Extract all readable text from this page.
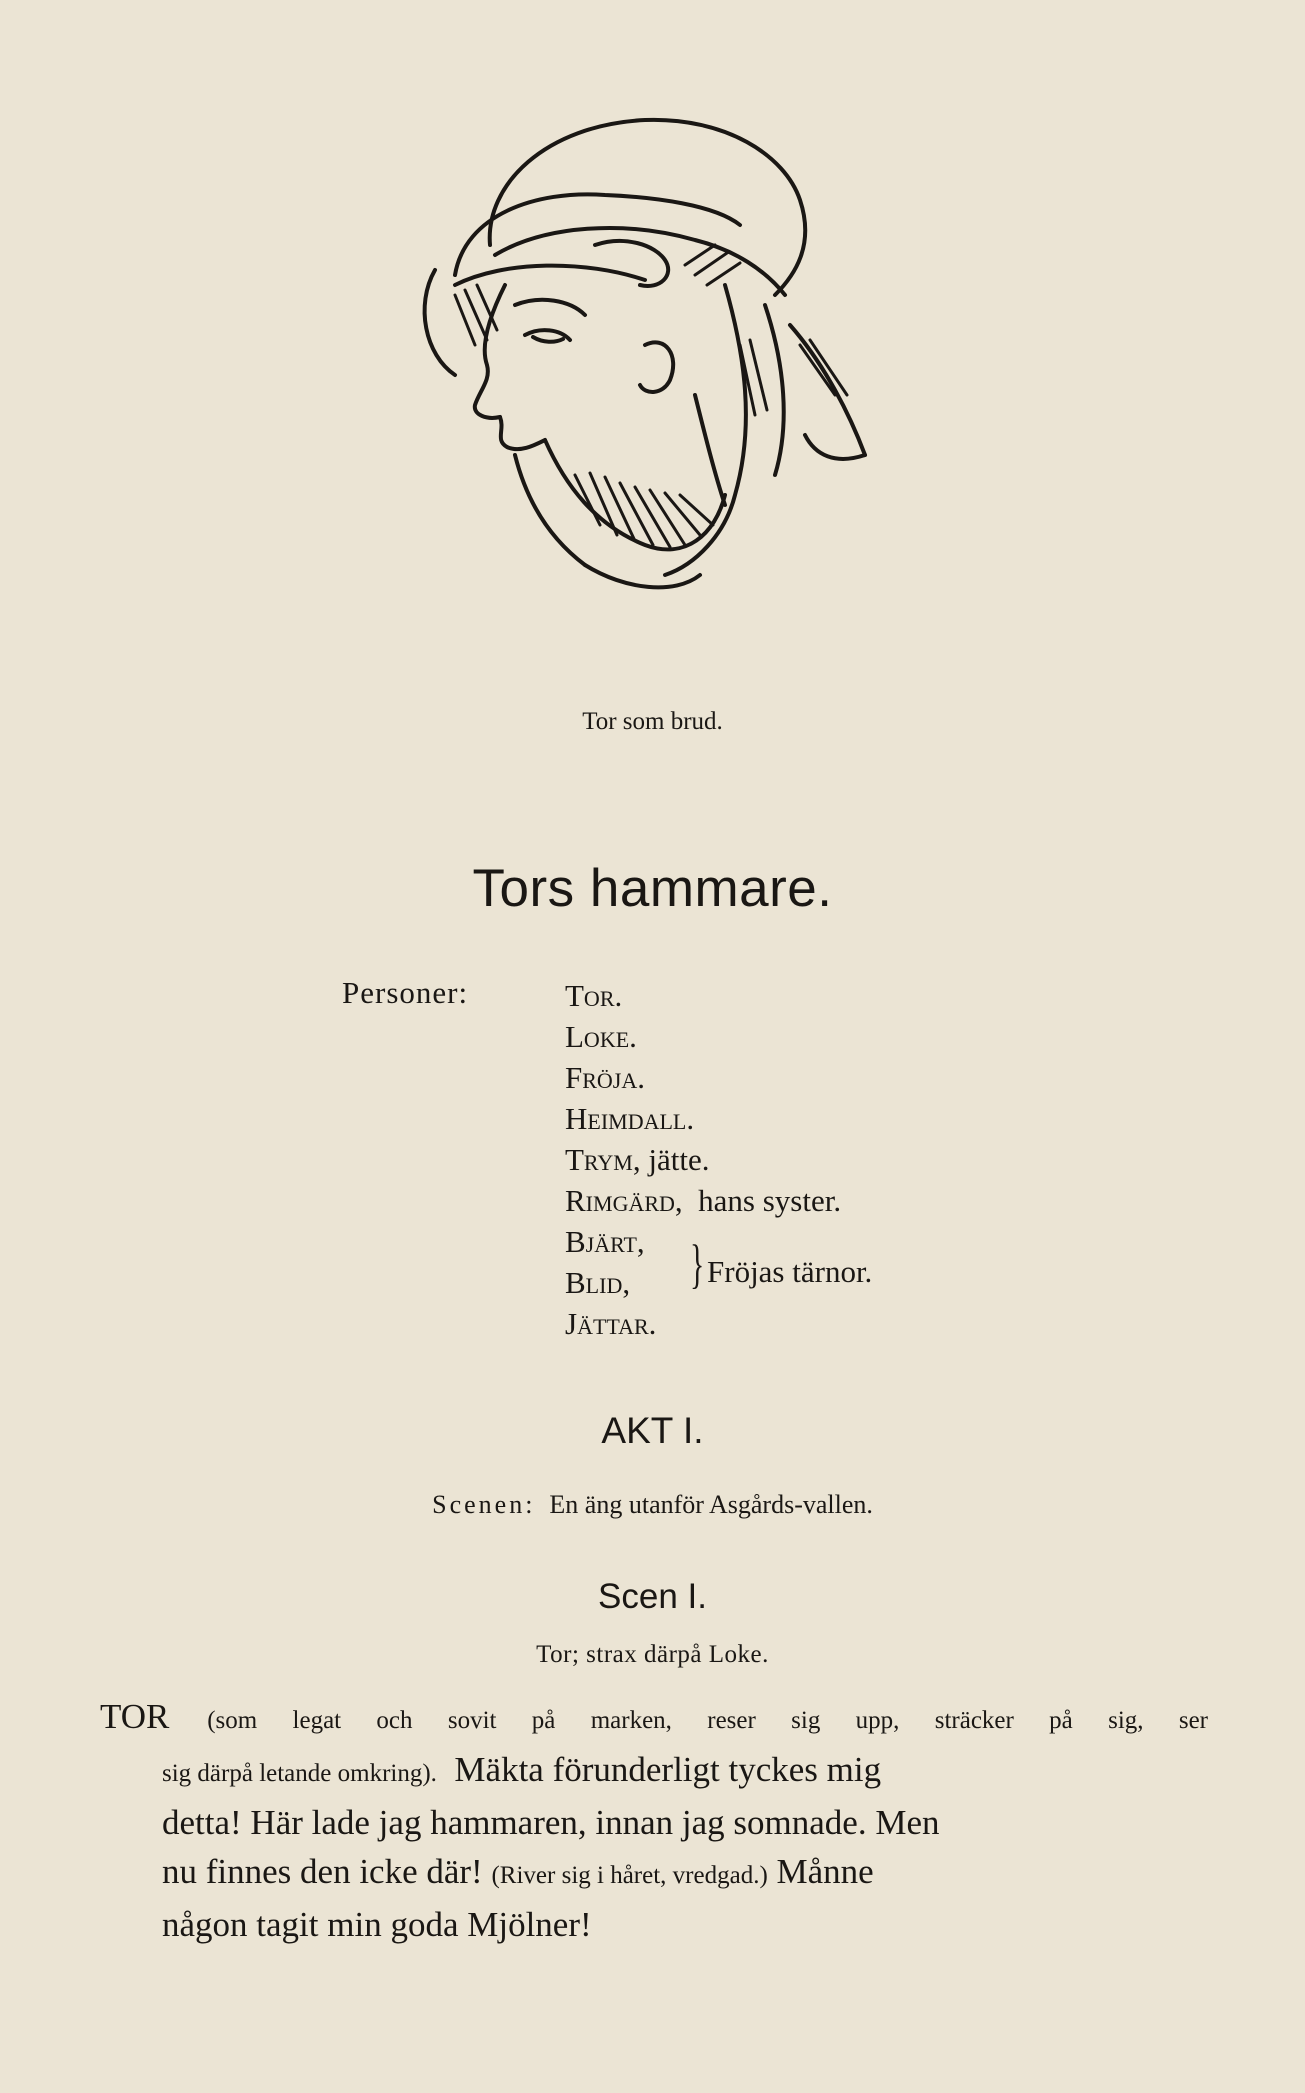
Tor som brud.
Tors hammare.
Personer:	Tor.
Loke.
Fröja.
Heimdall.
Trym, jätte.
Rimgärd, hans syster.
Bjärt,
Blid,
Jättar.
} Fröjas tärnor.
AKT I.
Scenen: En äng utanför Asgårds-vallen.
Scen I.
Tor; strax därpå Loke.
TOR (som legat och sovit på marken, reser sig upp, sträcker på sig, ser
sig därpå letande omkring). Mäkta förunderligt tyckes mig
detta! Här lade jag hammaren, innan jag somnade. Men
nu finnes den icke där! (River sig i håret, vredgad.) Månne
någon tagit min goda Mjölner!
